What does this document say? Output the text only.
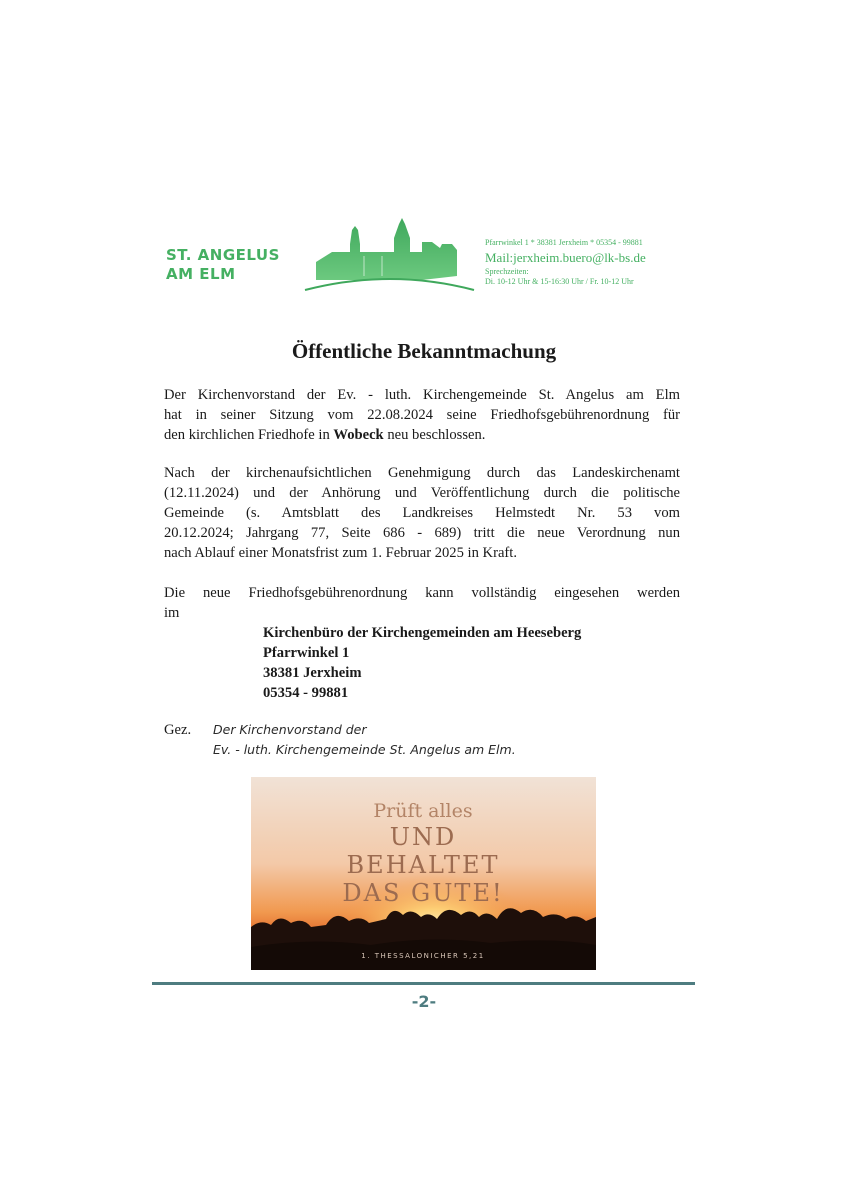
ST. ANGELUS
AM ELM
Pfarrwinkel 1 * 38381 Jerxheim * 05354 - 99881
Mail:jerxheim.buero@lk-bs.de
Sprechzeiten:
Di. 10-12 Uhr & 15-16:30 Uhr / Fr. 10-12 Uhr
Öffentliche Bekanntmachung
Der Kirchenvorstand der Ev. - luth. Kirchengemeinde St. Angelus am Elm
hat in seiner Sitzung vom 22.08.2024 seine Friedhofsgebührenordnung für
den kirchlichen Friedhofe in Wobeck neu beschlossen.
Nach der kirchenaufsichtlichen Genehmigung durch das Landeskirchenamt
(12.11.2024) und der Anhörung und Veröffentlichung durch die politische
Gemeinde (s. Amtsblatt des Landkreises Helmstedt Nr. 53 vom
20.12.2024; Jahrgang 77, Seite 686 - 689) tritt die neue Verordnung nun
nach Ablauf einer Monatsfrist zum 1. Februar 2025 in Kraft.
Die neue Friedhofsgebührenordnung kann vollständig eingesehen werden
im
Kirchenbüro der Kirchengemeinden am Heeseberg
Pfarrwinkel 1
38381 Jerxheim
05354 - 99881
Gez. Der Kirchenvorstand der
Ev. - luth. Kirchengemeinde St. Angelus am Elm.
Prüft alles
UND
BEHALTET
DAS GUTE!
1. THESSALONICHER 5,21
-2-
